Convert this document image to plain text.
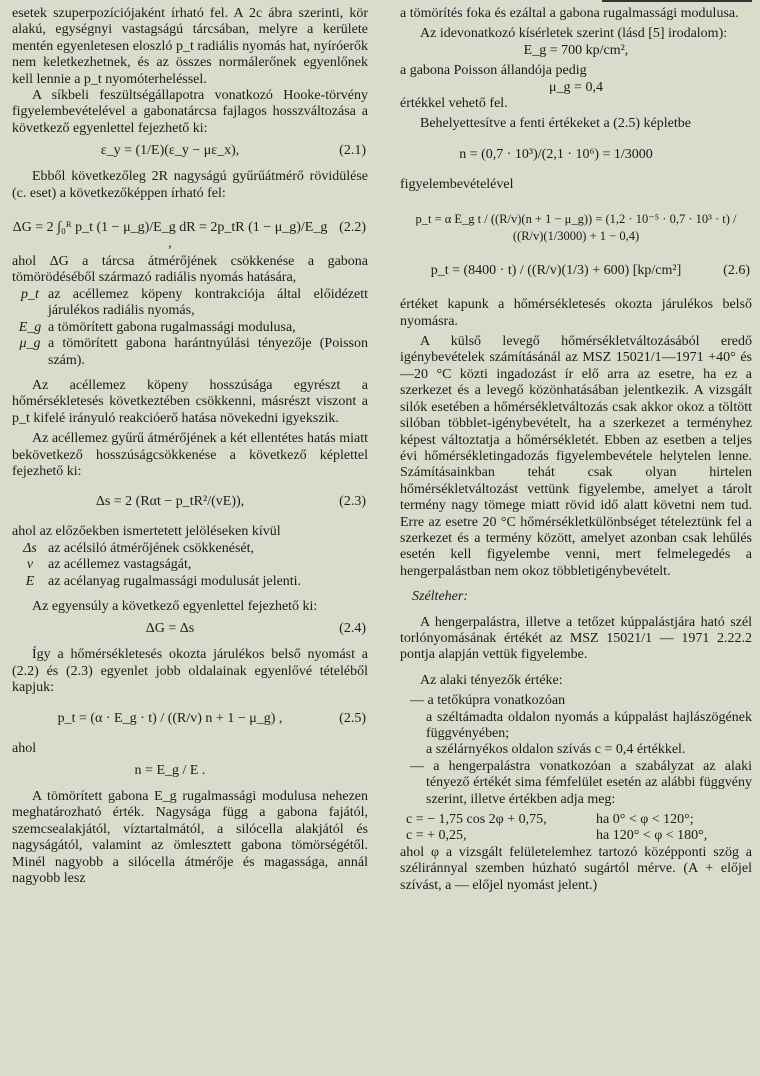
esetek szuperpozíciójaként írható fel. A 2c ábra szerinti, kör alakú, egységnyi vastagságú tárcsában, melyre a kerülete mentén egyenletesen eloszló p_t radiális nyomás hat, nyíróerők nem keletkezhetnek, és az összes normálerőnek egyenlőnek kell lennie a p_t nyomóterheléssel.

A síkbeli feszültségállapotra vonatkozó Hooke-törvény figyelembevételével a gabonatárcsa fajlagos hosszváltozása a következő egyenlettel fejezhető ki:

ε_y = (1/E)(ε_y − με_x),	(2.1)

Ebből következőleg 2R nagyságú gyűrűátmérő rövidülése (c. eset) a következőképpen írható fel:

ΔG = 2 ∫₀ᴿ p_t (1 − μ_g)/E_g dR = 2p_tR (1 − μ_g)/E_g ,
(2.2)

ahol ΔG a tárcsa átmérőjének csökkenése a gabona tömörödéséből származó radiális nyomás hatására,

p_t az acéllemez köpeny kontrakciója által előidézett járulékos radiális nyomás,
E_g a tömörített gabona rugalmassági modulusa,
μ_g a tömörített gabona harántnyúlási tényezője (Poisson szám).

Az acéllemez köpeny hosszúsága egyrészt a hőmérsékletesés következtében csökkenni, másrészt viszont a p_t kifelé irányuló reakcióerő hatása növekedni igyekszik.

Az acéllemez gyűrű átmérőjének a két ellentétes hatás miatt bekövetkező hosszúságcsökkenése a következő képlettel fejezhető ki:

Δs = 2 (Rαt − p_tR²/(vE)),	(2.3)

ahol az előzőekben ismertetett jelöléseken kívül

Δs az acélsiló átmérőjének csökkenését,
v	az acéllemez vastagságát,
E az acélanyag rugalmassági modulusát jelenti.

Az egyensúly a következő egyenlettel fejezhető ki:

ΔG = Δs	(2.4)

Így a hőmérsékletesés okozta járulékos belső nyomást a (2.2) és (2.3) egyenlet jobb oldalainak egyenlővé tételéből kapjuk:

p_t = (α · E_g · t) / ((R/v) n + 1 − μ_g) ,	(2.5)

ahol

n = E_g / E .

A tömörített gabona E_g rugalmassági modulusa nehezen meghatározható érték. Nagysága függ a gabona fajától, szemcsealakjától, víztartalmától, a silócella alakjától és nagyságától, valamint az ömlesztett gabona tömörségétől. Minél nagyobb a silócella átmérője és magassága, annál nagyobb lesz

a tömörítés foka és ezáltal a gabona rugalmassági modulusa.

Az idevonatkozó kísérletek szerint (lásd [5] irodalom):

E_g = 700 kp/cm²,

a gabona Poisson állandója pedig

μ_g = 0,4

értékkel vehető fel.

Behelyettesítve a fenti értékeket a (2.5) képletbe

n = (0,7 · 10³)/(2,1 · 10⁶) = 1/3000

figyelembevételével

p_t = α E_g t / ((R/v)(n + 1 − μ_g)) = (1,2 · 10⁻⁵ · 0,7 · 10³ · t) / ((R/v)(1/3000) + 1 − 0,4)
p_t = (8400 · t) / ((R/v)(1/3) + 600) [kp/cm²]	(2.6)

értéket kapunk a hőmérsékletesés okozta járulékos belső nyomásra.

A külső levegő hőmérsékletváltozásából eredő igénybevételek számításánál az MSZ 15021/1—1971 +40° és —20 °C közti ingadozást ír elő arra az esetre, ha ez a szerkezet és a levegő közönhatásában jelentkezik. A vizsgált silók esetében a hőmérsékletváltozás csak akkor okoz a töltött silóban többlet-igénybevételt, ha a szerkezet a terményhez képest változtatja a hőmérsékletét. Ebben az esetben a teljes évi hőmérsékletingadozás figyelembevétele helytelen lenne. Számításainkban tehát csak olyan hirtelen hőmérsékletváltozást vettünk figyelembe, amelyet a tárolt termény nagy tömege miatt rövid idő alatt követni nem tud. Erre az esetre 20 °C hőmérsékletkülönbséget tételeztünk fel a szerkezet és a termény között, amelyet azonban csak lehűlés esetén kell figyelembe venni, mert felmelegedés a hengerpalástban nem okoz többletigénybevételt.

Szélteher:

A hengerpalástra, illetve a tetőzet kúppalástjára ható szél torlónyomásának értékét az MSZ 15021/1 — 1971 2.22.2 pontja alapján vettük figyelembe.

Az alaki tényezők értéke:

— a tetőkúpra vonatkozóan

a széltámadta oldalon nyomás a kúppalást hajlászögének függvényében;

a szélárnyékos oldalon szívás c = 0,4 értékkel.

— a hengerpalástra vonatkozóan a szabályzat az alaki tényező értékét sima fémfelület esetén az alábbi függvény szerint, illetve értékben adja meg:

c = − 1,75 cos 2φ + 0,75,	ha 0° < φ < 120°;
c = + 0,25,	ha 120° < φ < 180°,

ahol φ a vizsgált felületelemhez tartozó középponti szög a széliránnyal szemben húzható sugártól mérve. (A + előjel szívást, a — előjel nyomást jelent.)
